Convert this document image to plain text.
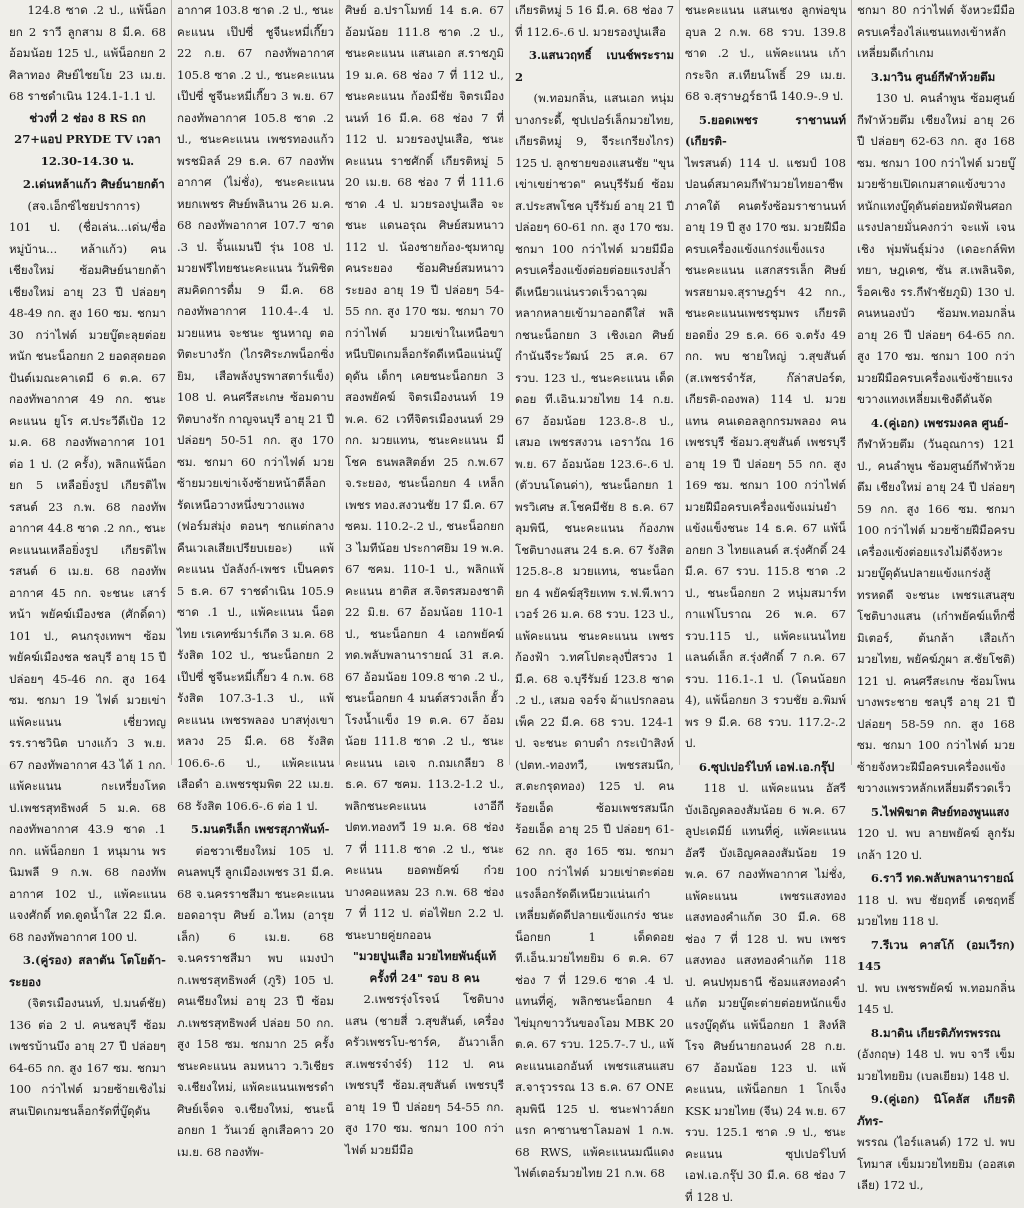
124.8 ซาด .2 ป., แพ้น็อกยก 2 ราวี ลูกสาม 8 มี.ค. 68 อ้อมน้อย 125 ป., แพ้น็อกยก 2 ศิลาทอง ศิษย์ไชยโย 23 เม.ย. 68 ราชดำเนิน 124.1-1.1 ป.

ช่วงที่ 2 ช่อง 8 RS ถก 27+แอป PRYDE TV เวลา 12.30-14.30 น.

2.เด่นหล้าแก้ว ศิษย์นายกต้า

(สจ.เอ็กซ์ไชยปราการ) 101 ป. (ชื่อเล่น...เด่น/ชื่อหมู่บ้าน... หล้าแก้ว) คนเชียงใหม่ ซ้อมศิษย์นายกต้า เชียงใหม่ อายุ 23 ปี ปล่อยๆ 48-49 กก. สูง 160 ซม. ชกมา 30 กว่าไฟต์ มวยบู๊ตะลุยต่อยหนัก ชนะน็อกยก 2 ยอดสุดยอดปันต์เมณะคาเดมี 6 ต.ค. 67 กองทัพอากาศ 49 กก. ชนะคะแนน ยูโร ศ.ประวีดีเป้อ 12 ม.ค. 68 กองทัพอากาศ 101 ต่อ 1 ป. (2 ครั้ง), พลิกแพ้น็อกยก 5 เหลือยิ่งรูป เกียรติไพรสนต์ 23 ก.พ. 68 กองทัพอากาศ 44.8 ซาด .2 กก., ชนะคะแนนเหลือยิ่งรูป เกียรติไพรสนต์ 6 เม.ย. 68 กองทัพอากาศ 45 กก. จะชนะ เสาร์หน้า พยัคฆ์เมืองชล (ศักดิ์ดา) 101 ป., คนกรุงเทพฯ ซ้อมพยัคฆ์เมืองชล ชลบุรี อายุ 15 ปี ปล่อยๆ 45-46 กก. สูง 164 ซม. ชกมา 19 ไฟต์ มวยเข่า แพ้คะแนน เชี่ยวทญ รร.ราชวินิต บางแก้ว 3 พ.ย. 67 กองทัพอากาศ 43 ได้ 1 กก. แพ้คะแนน กะเหรี่ยงโหด ป.เพชรสุทธิพงศ์ 5 ม.ค. 68 กองทัพอากาศ 43.9 ซาด .1 กก. แพ้น็อกยก 1 หนุมาน พรนิมพลี 9 ก.พ. 68 กองทัพอากาศ 102 ป., แพ้คะแนน แจงศักดิ์ ทด.ดูดน้ำใส 22 มี.ค. 68 กองทัพอากาศ 100 ป.

3.(คู่รอง) สลาตัน โตโยต้า-ระยอง

(จิตรเมืองนนท์, ป.มนต์ชัย) 136 ต่อ 2 ป. คนชลบุรี ซ้อมเพชรบ้านบึง อายุ 27 ปี ปล่อยๆ 64-65 กก. สูง 167 ซม. ชกมา 100 กว่าไฟต์ มวยซ้ายเชิงไม่สนเปิดเกมชนล็อกรัดที่บู๊ดุดัน

อากาศ 103.8 ซาด .2 ป., ชนะคะแนน เป๊ปซี่ ชูจีนะหมี่เกี๊ยว 22 ก.ย. 67 กองทัพอากาศ 105.8 ซาด .2 ป., ชนะคะแนน เป๊ปซี่ ชูจีนะหมี่เกี๊ยว 3 พ.ย. 67 กองทัพอากาศ 105.8 ซาด .2 ป., ชนะคะแนน เพชรทองแก้ว พรชมิลล์ 29 ธ.ค. 67 กองทัพอากาศ (ไม่ชั่ง), ชนะคะแนน หยกเพชร ศิษย์พลินาน 26 ม.ค. 68 กองทัพอากาศ 107.7 ซาด .3 ป. จิ้นแมนปี รุ่น 108 ป. มวยฟรีไทยชนะคะแนน วันพิชิต สมคิดการดื่ม 9 มี.ค. 68 กองทัพอากาศ 110.4-.4 ป. มวยแหน จะชนะ ชูนหาญ ตอทิตะบางรัก (ไกรศิระภพน็อกซิ่งยิม, เสือพลังบูรพาสตาร์แข็ง) 108 ป. คนศรีสะเกษ ซ้อมดาบทิตบางรัก กาญจนบุรี อายุ 21 ปี ปล่อยๆ 50-51 กก. สูง 170 ซม. ชกมา 60 กว่าไฟต์ มวยซ้ายมวยเข่าเจ้งซ้ายหน้าตีล็อกรัดเหนือวางหนึ่งขวางแพง (ฟอร์มส่มุ่ง ตอนๆ ชกแต่กลางคืนเวเลเสียเปรียบเยอะ) แพ้คะแนน บัลลังก์-เพชร เป็นคตร 5 ธ.ค. 67 ราชดำเนิน 105.9 ซาด .1 ป., แพ้คะแนน น็อตไทย เรเคทซ์มาร์เกีด 3 ม.ค. 68 รังสิต 102 ป., ชนะน็อกยก 2 เป๊ปซี่ ชูจีนะหมี่เกี๊ยว 4 ก.พ. 68 รังสิต 107.3-1.3 ป., แพ้คะแนน เพชรพลอง บาสทุ่งเขาหลวง 25 มี.ค. 68 รังสิต 106.6-.6 ป., แพ้คะแนน เสือดำ อ.เพชรชุมพิต 22 เม.ย. 68 รังสิต 106.6-.6 ต่อ 1 ป.

5.มนตรีเล็ก เพชรสุภาพันท์-

ต่อชวาเชียงใหม่ 105 ป. คนลพบุรี ลูกเมืองเพชร 31 มี.ค. 68 จ.นครราชสีมา ชนะคะแนน ยอดอารุบ ศิษย์ อ.ไหม (อารุยเล็ก) 6 เม.ย. 68 จ.นครราชสีมา พบ แมงป่า ก.เพชรสุทธิพงศ์ (ภูริ) 105 ป. คนเชียงใหม่ อายุ 23 ปี ซ้อมภ.เพชรสุทธิพงศ์ ปล่อย 50 กก. สูง 158 ซม. ชกมาก 25 ครั้ง ชนะคะแนน ลมหนาว ว.วิเชียร จ.เชียงใหม่, แพ้คะแนนเพชรดำ ศิษย์เจ็ดจ จ.เชียงใหม่, ชนะน็อกยก 1 วันเวย์ ลูกเสือคาว 20 เม.ย. 68 กองทัพ-

ศิษย์ อ.ปราโมทย์ 14 ธ.ค. 67 อ้อมน้อย 111.8 ซาด .2 ป., ชนะคะแนน แสนเอก ส.ราชภูมิ 19 ม.ค. 68 ช่อง 7 ที่ 112 ป., ชนะคะแนน ก้องมีชัย จิตรเมืองนนท์ 16 มี.ค. 68 ช่อง 7 ที่ 112 ป. มวยรองปูนเสือ, ชนะคะแนน ราชศักดิ์ เกียรติหมู่ 5 20 เม.ย. 68 ช่อง 7 ที่ 111.6 ซาด .4 ป. มวยรองปูนเสือ จะชนะ แดนอรุณ ศิษย์สมหนาว 112 ป. น้องชายก้อง-ชุมหาญ คนระยอง ซ้อมศิษย์สมหนาว ระยอง อายุ 19 ปี ปล่อยๆ 54-55 กก. สูง 170 ซม. ชกมา 70 กว่าไฟต์ มวยเข่าในเหนือขาหนีบปิดเกมล็อกรัดดีเหนือแน่นบู๊ดุดัน เด็กๆ เคยชนะน็อกยก 3 สองพยัคฆ์ จิตรเมืองนนท์ 19 พ.ค. 62 เวทีจิตรเมืองนนท์ 29 กก. มวยแทน, ชนะคะแนน มีโชค ธนพลสิตฮ์ท 25 ก.พ.67 จ.ระยอง, ชนะน็อกยก 4 เหล็กเพชร ทอง.สงวนชัย 17 มี.ค. 67 ซฅม. 110.2-.2 ป., ชนะน็อกยก 3 ไมทีน้อย ประกาศยิม 19 พ.ค. 67 ซฅม. 110-1 ป., พลิกแพ้คะแนน ฮาติส ส.จิตรสมองชาติ 22 มิ.ย. 67 อ้อมน้อย 110-1 ป., ชนะน็อกยก 4 เอกพยัคฆ์ ทด.พลับพลานารายณ์ 31 ส.ค. 67 อ้อมน้อย 109.8 ซาด .2 ป., ชนะน็อกยก 4 มนต์สรวงเล็ก ฮั้วโรงน้ำแข็ง 19 ต.ค. 67 อ้อมน้อย 111.8 ซาด .2 ป., ชนะคะแนน เอเจ ก.ถมเกลียว 8 ธ.ค. 67 ซฅม. 113.2-1.2 ป., พลิกชนะคะแนน เงาอีกี ปตท.ทองทวี 19 ม.ค. 68 ช่อง 7 ที่ 111.8 ซาด .2 ป., ชนะคะแนน ยอดพยัคฆ์ ก๋วยบางคอแหลม 23 ก.พ. 68 ช่อง 7 ที่ 112 ป. ต่อไฟ้ยก 2.2 ป. ชนะบายคู่ยกออน

"มวยปูนเสือ มวยไทยพันธุ์แท้ ครั้งที่ 24" รอบ 8 คน

2.เพชรรุ่งโรจน์ โชติบางแสน (ชายสี่ ว.สุขสันต์, เครื่องครัวเพชรโบ-ชาร์ค, อันวาเล็ก ส.เพชรจ๋าจ๋ร์) 112 ป. คนเพชรบุรี ซ้อม.สุขสันต์ เพชรบุรี อายุ 19 ปี ปล่อยๆ 54-55 กก. สูง 170 ซม. ชกมา 100 กว่าไฟต์ มวยมีมือ

เกียรติหมู่ 5 16 มี.ค. 68 ช่อง 7 ที่ 112.6-.6 ป. มวยรองปูนเสือ

3.แสนวฤทธิ์ เบนช์พระราม 2

(พ.ทอมกลิ่น, แสนเอก หนุ่มบางกระดี้, ชุปเปอร์เล็กมวยไทย, เกียรติหมู่ 9, จีระเกรียงไกร) 125 ป. ลูกชายของแสนชัย "ขุนเข่าเขย่าชวด" คนบุรีรัมย์ ซ้อมส.ประสพโชค บุรีรัมย์ อายุ 21 ปี ปล่อยๆ 60-61 กก. สูง 170 ซม. ชกมา 100 กว่าไฟต์ มวยมีมือครบเครื่องแข้งต่อยต่อยแรงปล้ำดีเหนียวแน่นรวดเร็วฉาวุฒหลากหลายเข้ามาออกดีใส่ พลิกชนะน็อกยก 3 เชิงเอก ศิษย์กำนันจีระวัฒน์ 25 ส.ค. 67 รวบ. 123 ป., ชนะคะแนน เด็ดดอย ที.เอิน.มวยไทย 14 ก.ย. 67 อ้อมน้อย 123.8-.8 ป., เสมอ เพชรสงวน เอราวัณ 16 พ.ย. 67 อ้อมน้อย 123.6-.6 ป. (ตัวบนโดนด่า), ชนะน็อกยก 1 พรวิเศษ ส.โชคมีชัย 8 ธ.ค. 67 ลุมพินี, ชนะคะแนน ก้องภพ โชติบางแสน 24 ธ.ค. 67 รังสิต 125.8-.8 มวยแทน, ชนะน็อกยก 4 พยัคฆ์สุริยเทพ ร.ฟ.พี.พาวเวอร์ 26 ม.ค. 68 รวบ. 123 ป., แพ้คะแนน ชนะคะแนน เพชรก้องฟ้า ว.ทศโปตะลุงปี่สรวง 1 มี.ค. 68 จ.บุรีรัมย์ 123.8 ซาด .2 ป., เสมอ จอร์จ ผ้าแปรกลอนเพ็ค 22 มี.ค. 68 รวบ. 124-1 ป. จะชนะ ดาบดำ กระเป๋าสิงห์ (ปตท.-ทองทวี, เพชรสมนึก, ส.ตะกรุดทอง) 125 ป. คนร้อยเอ็ด ซ้อมเพชรสมนึก ร้อยเอ็ด อายุ 25 ปี ปล่อยๆ 61-62 กก. สูง 165 ซม. ชกมา 100 กว่าไฟต์ มวยเข่าตะต่อยแรงล็อกรัดดีเหนียวแน่นเก๋าเหลี่ยมตัดดีปลายแข้งแกร่ง ชนะน็อกยก 1 เด็ดดอย ที.เอ็น.มวยไทยยิม 6 ต.ค. 67 ช่อง 7 ที่ 129.6 ซาด .4 ป. แทนที่คู่, พลิกชนะน็อกยก 4 ไข่มุกขาววันของโอม MBK 20 ต.ค. 67 รวบ. 125.7-.7 ป., แพ้คะแนนเอกอันท์ เพชรแสนแสบ ส.จารุวรรณ 13 ธ.ค. 67 ONE ลุมพินี 125 ป. ชนะฟาวล์ยกแรก คาซานชาโลมอฟ 1 ก.พ. 68 RWS, แพ้คะแนนมณีแดง ไฟต์เตอร์มวยไทย 21 ก.พ. 68

ชนะคะแนน แสนเชง ลูกพ่อขุนอุบล 2 ก.พ. 68 รวบ. 139.8 ซาด .2 ป., แพ้คะแนน เก้ากระจิก ส.เทียนโพธิ์ 29 เม.ย. 68 จ.สุราษฎร์ธานี 140.9-.9 ป.

5.ยอดเพชร ราชานนท์ (เกียรติ-

ไพรสนต์) 114 ป. แชมป์ 108 ปอนด์สมาคมกีฬามวยไทยอาชีพภาคใต้ คนตรังซ้อมราชานนท์ อายุ 19 ปี สูง 170 ซม. มวยฝีมือครบเครื่องแข้งแกร่งแข็งแรงชนะคะแนน แสกสรรเล็ก ศิษย์พรสยามจ.สุราษฎร์ฯ 42 กก., ชนะคะแนนเพชรชุมพร เกียรติยอดยิ่ง 29 ธ.ค. 66 จ.ตรัง 49 กก. พบ ชายใหญ่ ว.สุขสันต์ (ส.เพชรจำรัส, ก๊ล่าสปอร์ต, เกียรติ-ถองพล) 114 ป. มวยแทน คนเดอลลูกกรมพลอง คนเพชรบุรี ซ้อมว.สุขสันต์ เพชรบุรี อายุ 19 ปี ปล่อยๆ 55 กก. สูง 169 ซม. ชกมา 100 กว่าไฟต์ มวยฝีมือครบเครื่องแข้งแม่นยำแข้งแข็งชนะ 14 ธ.ค. 67 แพ้น็อกยก 3 ไทยแลนด์ ส.รุ่งศักดิ์ 24 มี.ค. 67 รวบ. 115.8 ซาด .2 ป., ชนะน็อกยก 2 หนุ่มสมาร์ท กาแฟโบราณ 26 พ.ค. 67 รวบ.115 ป., แพ้คะแนนไทยแลนด์เล็ก ส.รุ่งศักดิ์ 7 ก.ค. 67 รวบ. 116.1-.1 ป. (โดนน้อยก 4), แพ้น็อกยก 3 รวบชัย อ.พิมพ์พร 9 มี.ค. 68 รวบ. 117.2-.2 ป.

6.ซุปเปอร์ไบท์ เอฟ.เอ.กรุ๊ป

118 ป. แพ้คะแนน อัสรี บังเอิญดลองสัมน้อย 6 พ.ค. 67 ลูปะเดมีย์ แทนที่คู่, แพ้คะแนน อัสรี บังเอิญคลองสัมน้อย 19 พ.ค. 67 กองทัพอากาศ ไม่ชั่ง, แพ้คะแนน เพชรแสงทอง แสงทองคำแก้ต 30 มี.ค. 68 ช่อง 7 ที่ 128 ป. พบ เพชรแสงทอง แสงทองคำแก้ต 118 ป. คนปทุมธานี ซ้อมแสงทองคำแก้ต มวยบู๊ตะต่ายต่อยหนักแข็งแรงบู๊ดุดัน แพ้น็อกยก 1 สิงห์สิโรจ ศิษย์นายกอนงค์ 28 ก.ย. 67 อ้อมน้อย 123 ป. แพ้คะแนน, แพ้น็อกยก 1 โกเจ็ง KSK มวยไทย (จีน) 24 พ.ย. 67 รวบ. 125.1 ซาด .9 ป., ชนะคะแนน ซุปเปอร์ไบท์ เอฟ.เอ.กรุ๊ป 30 มี.ค. 68 ช่อง 7 ที่ 128 ป.

ชกมา 80 กว่าไฟต์ จังหวะมีมือครบเครื่องไล่แซนแทงเข้าหลักเหลี่ยมดีเก๋าเกม

3.มาวิน ศูนย์กีฬาห้วยตึม

130 ป. คนลำพูน ซ้อมศูนย์กีฬาห้วยตึม เชียงใหม่ อายุ 26 ปี ปล่อยๆ 62-63 กก. สูง 168 ซม. ชกมา 100 กว่าไฟต์ มวยบู๊มวยซ้ายเปิดเกมสาดแข้งขวางหนักแทงบู๊ดุดันต่อยหมัดฟันศอกแรงปลายมั่นคงกว่า จะแพ้ เจนเชิง พุ่มพันธุ์ม่วง (เดอะกล์พิททยา, ษฎเดช, ซัน ส.เพลินจิต, ร็อคเชิง รร.กีฬาชัยภูมิ) 130 ป. คนหนองบัว ซ้อมพ.ทอมกลิ่น อายุ 26 ปี ปล่อยๆ 64-65 กก. สูง 170 ซม. ชกมา 100 กว่า มวยฝีมือครบเครื่องแข้งซ้ายแรงขวางแทงเหลี่ยมเชิงดีดันจัด

4.(คู่เอก) เพชรมงคล ศูนย์-

กีฬาห้วยตึม (วันอุณการ) 121 ป., คนลำพูน ซ้อมศูนย์กีฬาห้วยตึม เชียงใหม่ อายุ 24 ปี ปล่อยๆ 59 กก. สูง 166 ซม. ชกมา 100 กว่าไฟต์ มวยซ้ายฝีมือครบเครื่องแข้งต่อยแรงไม่ดีจังหวะมวยบู๊ดุดันปลายแข้งแกร่งสู้ทรหดดี จะชนะ เพชรแสนสุข โชติบางแสน (เก๋าพยัคฆ์แท็กซี่มิเตอร์, ต้นกล้า เสือเก้ามวยไทย, พยัคฆ์ภูผา ส.ชัยโชติ) 121 ป. คนศรีสะเกษ ซ้อมโพนบางพระชาย ชลบุรี อายุ 21 ปี ปล่อยๆ 58-59 กก. สูง 168 ซม. ชกมา 100 กว่าไฟต์ มวยซ้ายจังหวะฝีมือครบเครื่องแข้งขวางแพรวหลักเหลี่ยมดีรวดเร็ว

5.ไฟพิฆาต ศิษย์ทองพูนแสง

120 ป. พบ ลายพยัคฆ์ ลูกรัมเกล้า 120 ป.

6.ราวี ทด.พลับพลานารายณ์

118 ป. พบ ชัยฤทธิ์ เดชฤทธิ์มวยไทย 118 ป.

7.รีเวน คาสโก้ (อมเวีรก) 145

ป. พบ เพชรพยัคฆ์ พ.ทอมกลิ่น 145 ป.

8.มาดิน เกียรติภัทรพรรณ

(อังกฤษ) 148 ป. พบ จารี เข็มมวยไทยยิม (เบลเยียม) 148 ป.

9.(คู่เอก) นิโคลัส เกียรติภัทร-

พรรณ (ไอร์แลนด์) 172 ป. พบ โทมาส เข็มมวยไทยยิม (ออสเตเลีย) 172 ป.,
